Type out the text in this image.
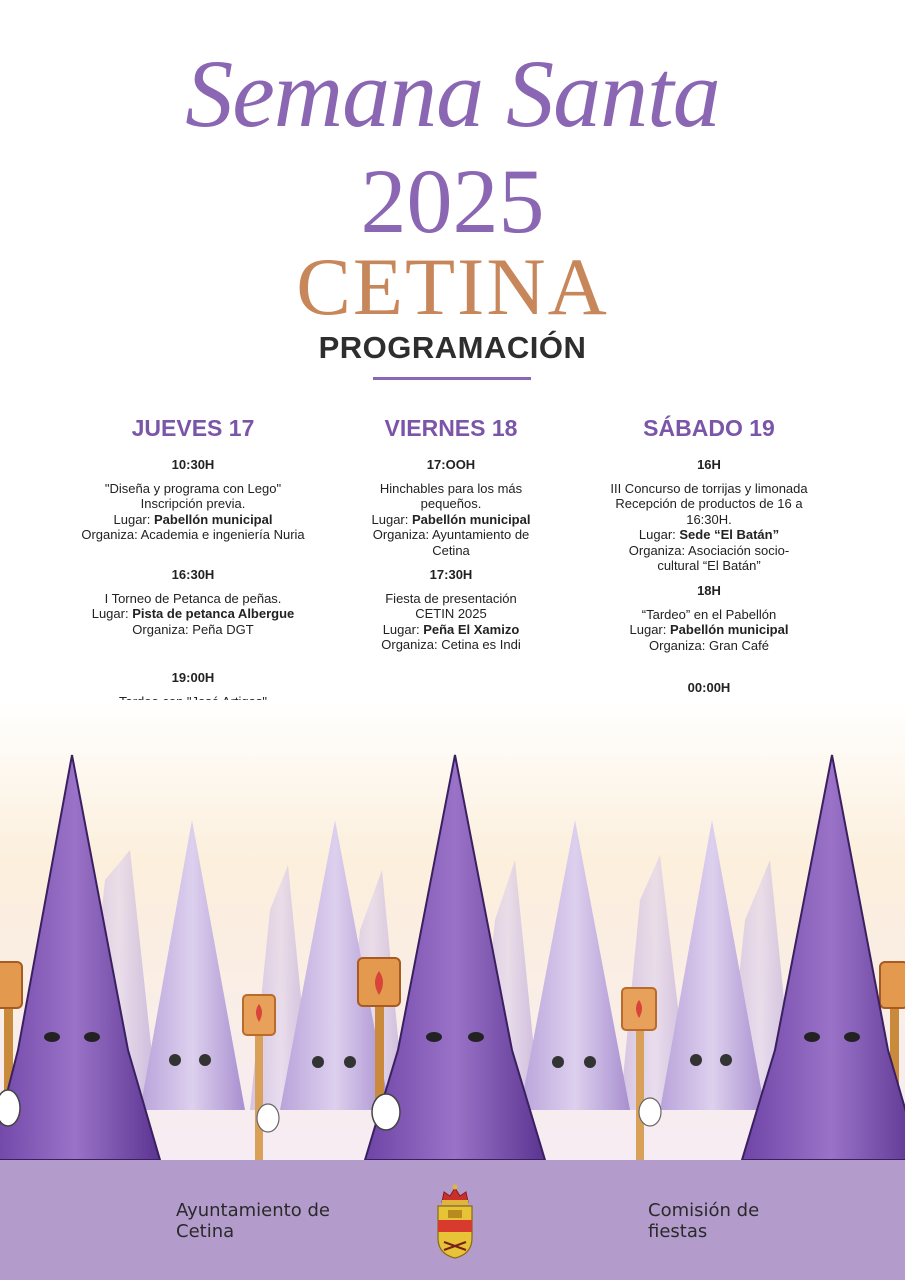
Semana Santa
2025
CETINA
PROGRAMACIÓN
JUEVES 17
10:30H
"Diseña y programa con Lego"
Inscripción previa.
Lugar: Pabellón municipal
Organiza: Academia e ingeniería Nuria
16:30H
I Torneo de Petanca de peñas.
Lugar: Pista de petanca Albergue
Organiza: Peña DGT
19:00H
VIERNES 18
17:OOH
Hinchables para los más pequeños.
Lugar: Pabellón municipal
Organiza: Ayuntamiento de Cetina
17:30H
Fiesta de presentación CETIN 2025
Lugar: Peña El Xamizo
Organiza: Cetina es Indi
SÁBADO 19
16H
III Concurso de torrijas y limonada
Recepción de productos de 16 a 16:30H.
Lugar: Sede “El Batán”
Organiza: Asociación socio-cultural “El Batán”
18H
“Tardeo” en el Pabellón
Lugar: Pabellón municipal
Organiza: Gran Café
00:00H
Ayuntamiento de Cetina
Comisión de fiestas
